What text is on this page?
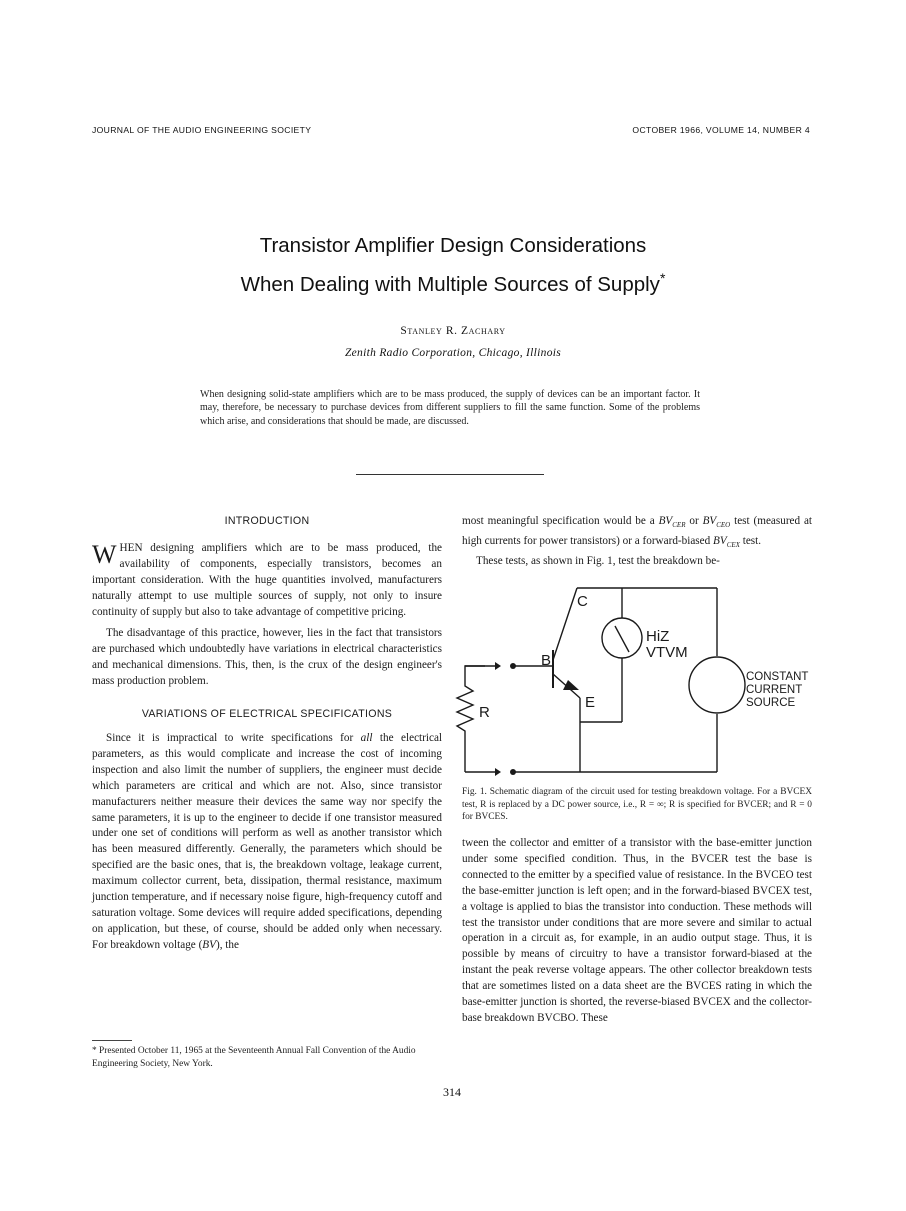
JOURNAL OF THE AUDIO ENGINEERING SOCIETY	OCTOBER 1966, VOLUME 14, NUMBER 4
Transistor Amplifier Design Considerations
When Dealing with Multiple Sources of Supply*
Stanley R. Zachary
Zenith Radio Corporation, Chicago, Illinois
When designing solid-state amplifiers which are to be mass produced, the supply of devices can be an important factor. It may, therefore, be necessary to purchase devices from different suppliers to fill the same function. Some of the problems which arise, and considerations that should be made, are discussed.
INTRODUCTION

WHEN designing amplifiers which are to be mass produced, the availability of components, especially transistors, becomes an important consideration. With the huge quantities involved, manufacturers naturally attempt to use multiple sources of supply, not only to insure continuity of supply but also to take advantage of competitive pricing.

The disadvantage of this practice, however, lies in the fact that transistors are purchased which undoubtedly have variations in electrical characteristics and mechanical dimensions. This, then, is the crux of the design engineer's mass production problem.

VARIATIONS OF ELECTRICAL SPECIFICATIONS

Since it is impractical to write specifications for all the electrical parameters, as this would complicate and increase the cost of incoming inspection and also limit the number of suppliers, the engineer must decide which parameters are critical and which are not. Also, since transistor manufacturers neither measure their devices the same way nor specify the same parameters, it is up to the engineer to decide if one transistor measured under one set of conditions will perform as well as another transistor which has been measured differently. Generally, the parameters which should be specified are the basic ones, that is, the breakdown voltage, leakage current, maximum collector current, beta, dissipation, thermal resistance, maximum junction temperature, and if necessary noise figure, high-frequency cutoff and saturation voltage. Some devices will require added specifications, depending on application, but these, of course, should be added only when necessary. For breakdown voltage (BV), the

* Presented October 11, 1965 at the Seventeenth Annual Fall Convention of the Audio Engineering Society, New York.

most meaningful specification would be a $BV_{CER}$ or $BV_{CEO}$ test (measured at high currents for power transistors) or a forward-biased $BV_{CEX}$ test.

These tests, as shown in Fig. 1, test the breakdown be-

C
B
E
R
HiZ
VTVM
CONSTANT
CURRENT
SOURCE
Fig. 1. Schematic diagram of the circuit used for testing breakdown voltage. For a BVCEX test, R is replaced by a DC power source, i.e., R = ∞; R is specified for BVCER; and R = 0 for BVCES.

tween the collector and emitter of a transistor with the base-emitter junction under some specified condition. Thus, in the BVCER test the base is connected to the emitter by a specified value of resistance. In the BVCEO test the base-emitter junction is left open; and in the forward-biased BVCEX test, a voltage is applied to bias the transistor into conduction. These methods will test the transistor under conditions that are more severe and similar to actual operation in a circuit as, for example, in an audio output stage. Thus, it is possible by means of circuitry to have a transistor forward-biased at the instant the peak reverse voltage appears. The other collector breakdown tests that are sometimes listed on a data sheet are the BVCES rating in which the base-emitter junction is shorted, the reverse-biased BVCEX and the collector-base breakdown BVCBO. These

314
